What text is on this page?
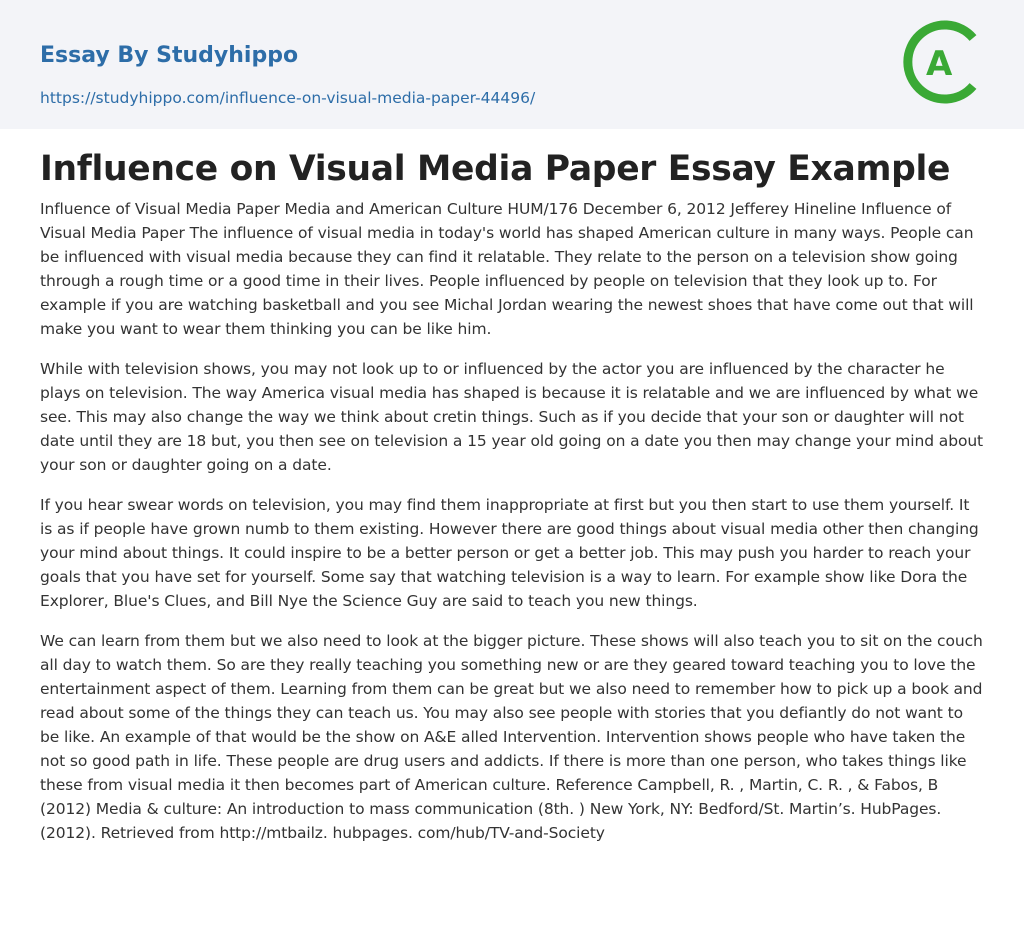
Essay By Studyhippo
https://studyhippo.com/influence-on-visual-media-paper-44496/
A
Influence on Visual Media Paper Essay Example

Influence of Visual Media Paper Media and American Culture HUM/176 December 6, 2012 Jefferey Hineline Influence of Visual Media Paper The influence of visual media in today's world has shaped American culture in many ways. People can be influenced with visual media because they can find it relatable. They relate to the person on a television show going through a rough time or a good time in their lives. People influenced by people on television that they look up to. For example if you are watching basketball and you see Michal Jordan wearing the newest shoes that have come out that will make you want to wear them thinking you can be like him.

While with television shows, you may not look up to or influenced by the actor you are influenced by the character he plays on television. The way America visual media has shaped is because it is relatable and we are influenced by what we see. This may also change the way we think about cretin things. Such as if you decide that your son or daughter will not date until they are 18 but, you then see on television a 15 year old going on a date you then may change your mind about your son or daughter going on a date.

If you hear swear words on television, you may find them inappropriate at first but you then start to use them yourself. It is as if people have grown numb to them existing. However there are good things about visual media other then changing your mind about things. It could inspire to be a better person or get a better job. This may push you harder to reach your goals that you have set for yourself. Some say that watching television is a way to learn. For example show like Dora the Explorer, Blue's Clues, and Bill Nye the Science Guy are said to teach you new things.

We can learn from them but we also need to look at the bigger picture. These shows will also teach you to sit on the couch all day to watch them. So are they really teaching you something new or are they geared toward teaching you to love the entertainment aspect of them. Learning from them can be great but we also need to remember how to pick up a book and read about some of the things they can teach us. You may also see people with stories that you defiantly do not want to be like. An example of that would be the show on A&E alled Intervention. Intervention shows people who have taken the not so good path in life. These people are drug users and addicts. If there is more than one person, who takes things like these from visual media it then becomes part of American culture. Reference Campbell, R. , Martin, C. R. , & Fabos, B (2012) Media & culture: An introduction to mass communication (8th. ) New York, NY: Bedford/St. Martin’s. HubPages. (2012). Retrieved from http://mtbailz. hubpages. com/hub/TV-and-Society
